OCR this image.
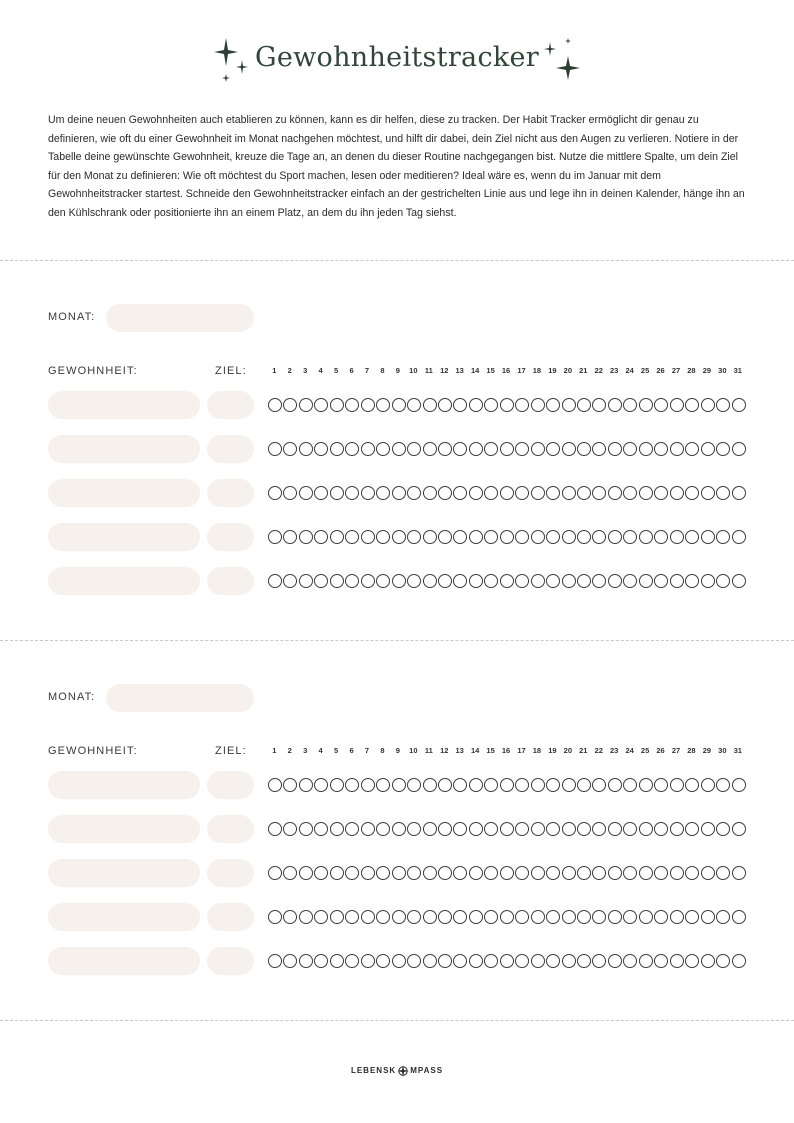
Gewohnheitstracker
Um deine neuen Gewohnheiten auch etablieren zu können, kann es dir helfen, diese zu tracken. Der Habit Tracker ermöglicht dir genau zu definieren, wie oft du einer Gewohnheit im Monat nachgehen möchtest, und hilft dir dabei, dein Ziel nicht aus den Augen zu verlieren. Notiere in der Tabelle deine gewünschte Gewohnheit, kreuze die Tage an, an denen du dieser Routine nachgegangen bist. Nutze die mittlere Spalte, um dein Ziel für den Monat zu definieren: Wie oft möchtest du Sport machen, lesen oder meditieren? Ideal wäre es, wenn du im Januar mit dem Gewohnheitstracker startest. Schneide den Gewohnheitstracker einfach an der gestrichelten Linie aus und lege ihn in deinen Kalender, hänge ihn an den Kühlschrank oder positionierte ihn an einem Platz, an dem du ihn jeden Tag siehst.
MONAT:
GEWOHNHEIT:	ZIEL:	1	2	3	4	5	6	7	8	9	10 11 12 13 14 15 16 17 18 19 20 21 22 23 24 25 26 27 28 29 30 31
MONAT:
GEWOHNHEIT:	ZIEL:	1	2	3	4	5	6	7	8	9	10 11 12 13 14 15 16 17 18 19 20 21 22 23 24 25 26 27 28 29 30 31
LEBENSK MPASS
